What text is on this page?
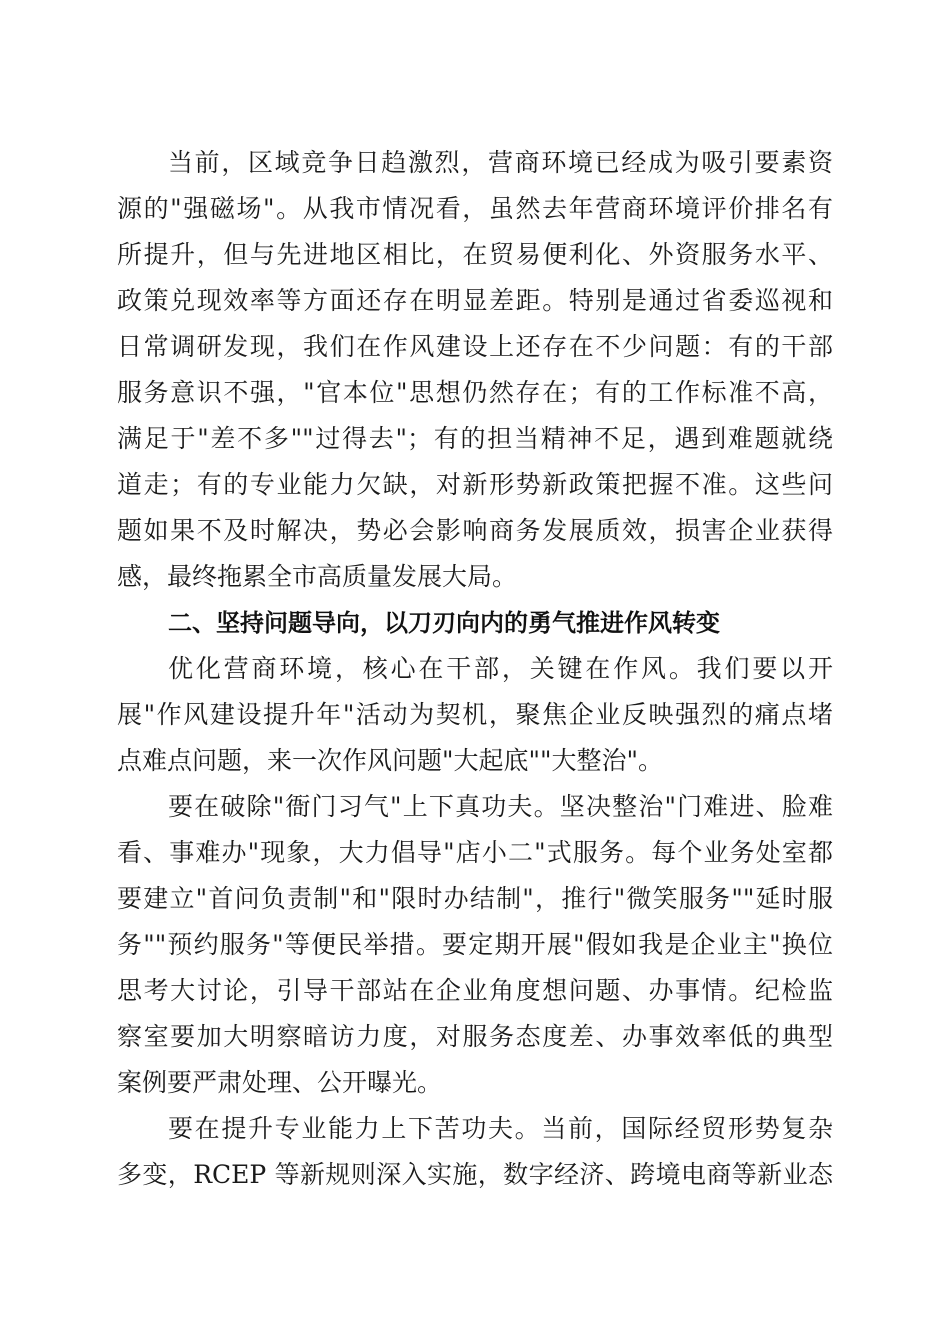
当前，区域竞争日趋激烈，营商环境已经成为吸引要素资
源的"强磁场"。从我市情况看，虽然去年营商环境评价排名有
所提升，但与先进地区相比，在贸易便利化、外资服务水平、
政策兑现效率等方面还存在明显差距。特别是通过省委巡视和
日常调研发现，我们在作风建设上还存在不少问题：有的干部
服务意识不强，"官本位"思想仍然存在；有的工作标准不高，
满足于"差不多""过得去"；有的担当精神不足，遇到难题就绕
道走；有的专业能力欠缺，对新形势新政策把握不准。这些问
题如果不及时解决，势必会影响商务发展质效，损害企业获得
感，最终拖累全市高质量发展大局。
二、坚持问题导向，以刀刃向内的勇气推进作风转变
优化营商环境，核心在干部，关键在作风。我们要以开
展"作风建设提升年"活动为契机，聚焦企业反映强烈的痛点堵
点难点问题，来一次作风问题"大起底""大整治"。
要在破除"衙门习气"上下真功夫。坚决整治"门难进、脸难
看、事难办"现象，大力倡导"店小二"式服务。每个业务处室都
要建立"首问负责制"和"限时办结制"，推行"微笑服务""延时服
务""预约服务"等便民举措。要定期开展"假如我是企业主"换位
思考大讨论，引导干部站在企业角度想问题、办事情。纪检监
察室要加大明察暗访力度，对服务态度差、办事效率低的典型
案例要严肃处理、公开曝光。
要在提升专业能力上下苦功夫。当前，国际经贸形势复杂
多变，RCEP 等新规则深入实施，数字经济、跨境电商等新业态
